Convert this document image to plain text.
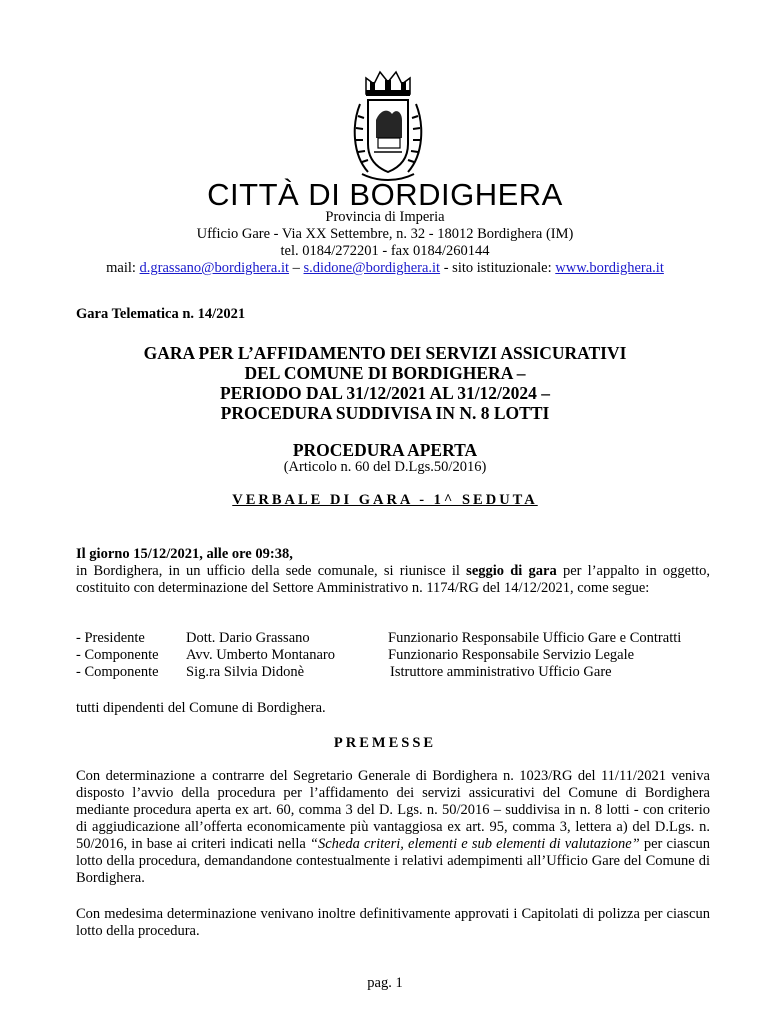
CITTÀ DI BORDIGHERA
Provincia di Imperia
Ufficio Gare - Via XX Settembre, n. 32 - 18012 Bordighera (IM)
tel. 0184/272201 - fax 0184/260144
mail: d.grassano@bordighera.it – s.didone@bordighera.it - sito istituzionale: www.bordighera.it
Gara Telematica n. 14/2021
GARA PER L’AFFIDAMENTO DEI SERVIZI ASSICURATIVI
DEL COMUNE DI BORDIGHERA –
PERIODO DAL 31/12/2021 AL 31/12/2024 –
PROCEDURA SUDDIVISA IN N. 8 LOTTI
PROCEDURA APERTA
(Articolo n. 60 del D.Lgs.50/2016)
VERBALE DI GARA - 1^ SEDUTA
Il giorno 15/12/2021, alle ore 09:38,
in Bordighera, in un ufficio della sede comunale, si riunisce il seggio di gara per l’appalto in oggetto, costituito con determinazione del Settore Amministrativo n. 1174/RG del 14/12/2021, come segue:
- Presidente	Dott. Dario Grassano	Funzionario Responsabile Ufficio Gare e Contratti
- Componente Avv. Umberto Montanaro	Funzionario Responsabile Servizio Legale
- Componente Sig.ra Silvia Didonè	Istruttore amministrativo Ufficio Gare
tutti dipendenti del Comune di Bordighera.
PREMESSE
Con determinazione a contrarre del Segretario Generale di Bordighera n. 1023/RG del 11/11/2021 veniva disposto l’avvio della procedura per l’affidamento dei servizi assicurativi del Comune di Bordighera mediante procedura aperta ex art. 60, comma 3 del D. Lgs. n. 50/2016 – suddivisa in n. 8 lotti - con criterio di aggiudicazione all’offerta economicamente più vantaggiosa ex art. 95, comma 3, lettera a) del D.Lgs. n. 50/2016, in base ai criteri indicati nella “Scheda criteri, elementi e sub elementi di valutazione” per ciascun lotto della procedura, demandandone contestualmente i relativi adempimenti all’Ufficio Gare del Comune di Bordighera.
Con medesima determinazione venivano inoltre definitivamente approvati i Capitolati di polizza per ciascun lotto della procedura.
pag. 1
